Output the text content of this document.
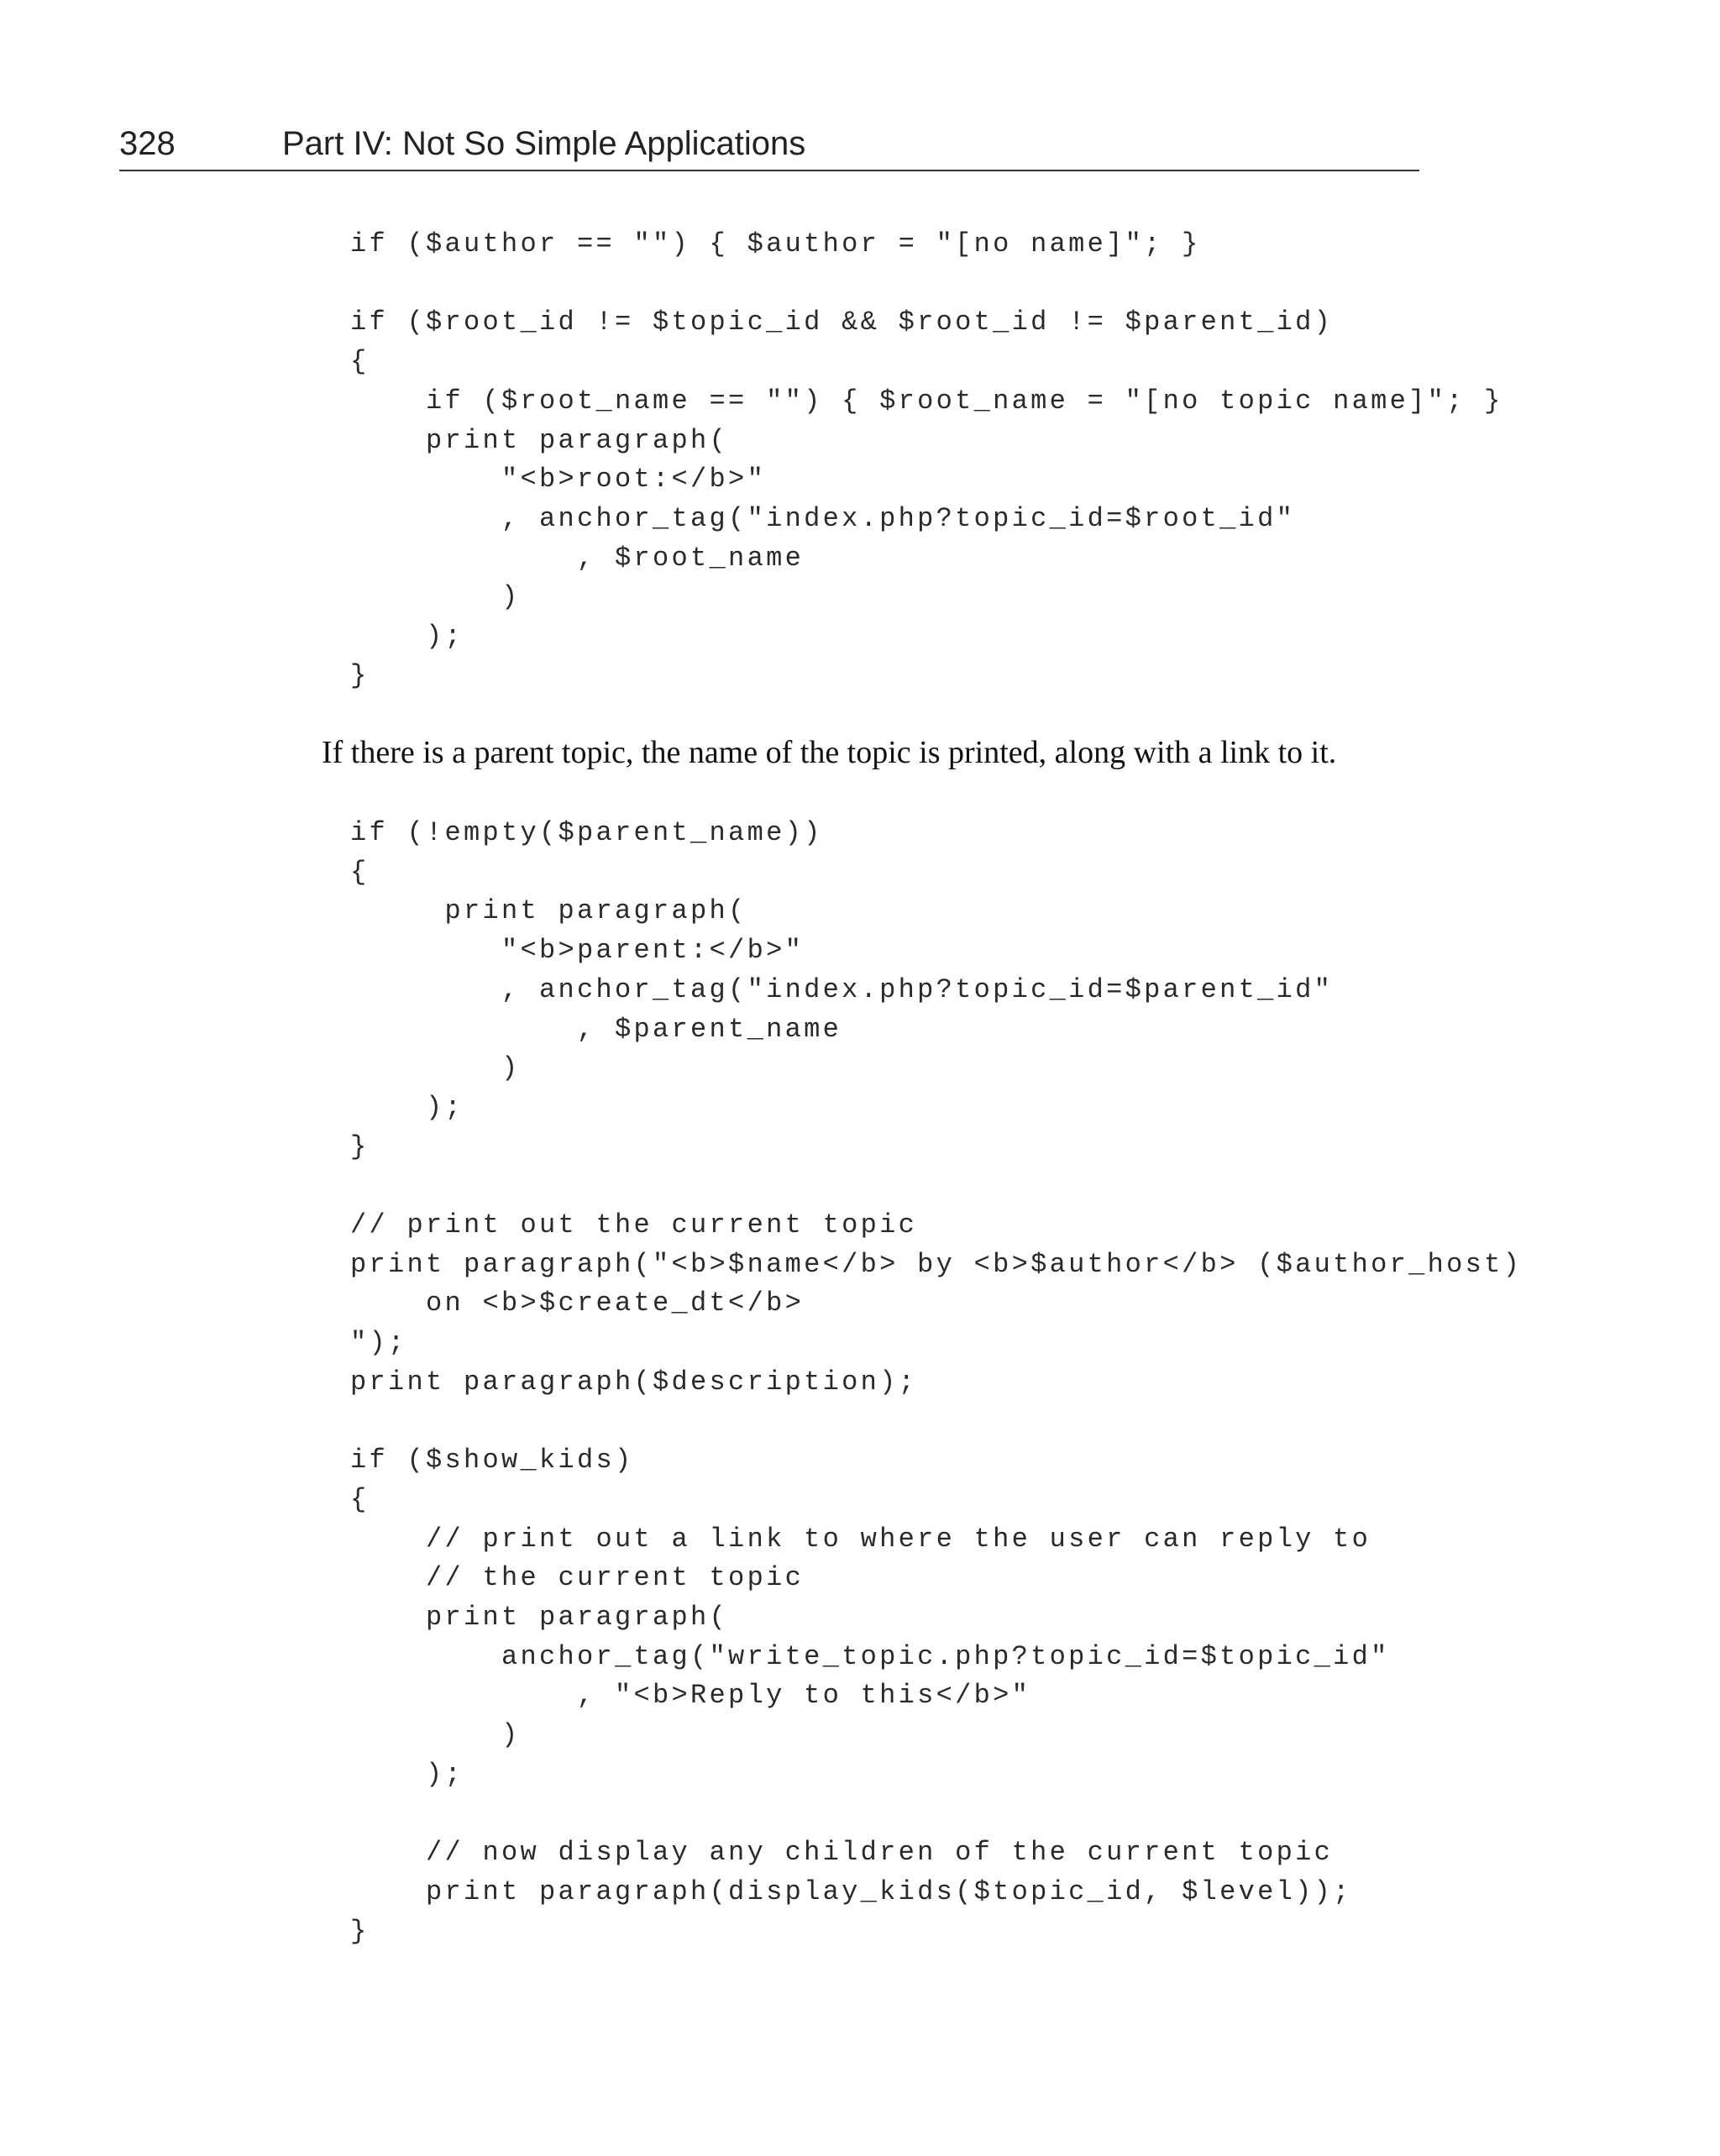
328	Part IV: Not So Simple Applications
if ($author == "") { $author = "[no name]"; }

if ($root_id != $topic_id && $root_id != $parent_id)
{
if ($root_name == "") { $root_name = "[no topic name]"; }
print paragraph(
"<b>root:</b>"
, anchor_tag("index.php?topic_id=$root_id"
, $root_name
)
);
}
If there is a parent topic, the name of the topic is printed, along with a link to it.
if (!empty($parent_name))
{
print paragraph(
"<b>parent:</b>"
, anchor_tag("index.php?topic_id=$parent_id"
, $parent_name
)
);
}

// print out the current topic
print paragraph("<b>$name</b> by <b>$author</b> ($author_host)
on <b>$create_dt</b>
");
print paragraph($description);

if ($show_kids)
{
// print out a link to where the user can reply to
// the current topic
print paragraph(
anchor_tag("write_topic.php?topic_id=$topic_id"
, "<b>Reply to this</b>"
)
);

// now display any children of the current topic
print paragraph(display_kids($topic_id, $level));
}
